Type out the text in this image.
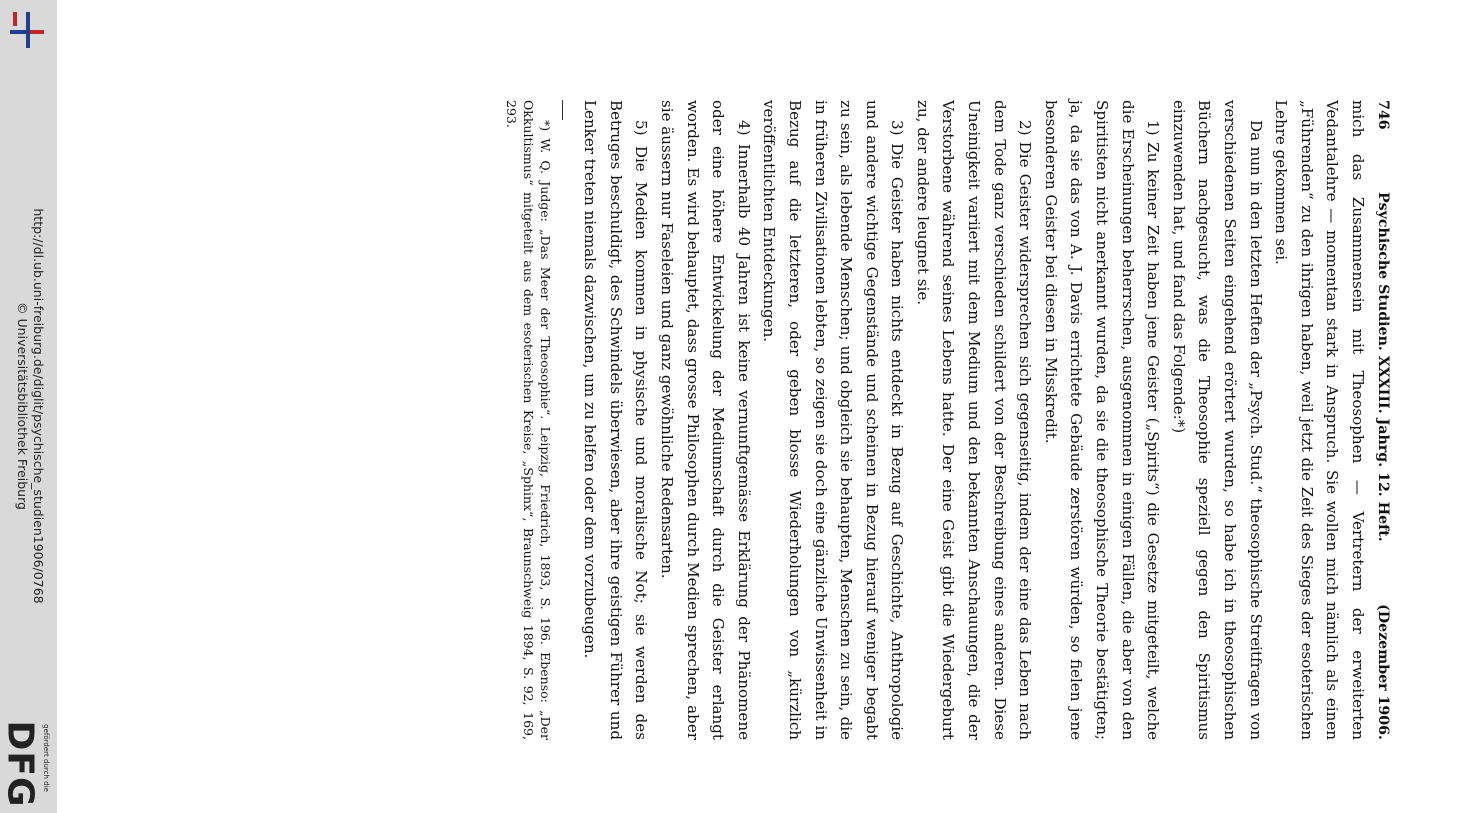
http://dl.ub.uni-freiburg.de/diglit/psychische_studien1906/0768
© Universitätsbibliothek Freiburg
DFG gefördert durch die
746
Psychische Studien. XXXIII. Jahrg. 12. Heft.
(Dezember 1906.

mich das Zusammensein mit Theosophen — Vertretern der erweiterten Vedantalehre — momentan stark in Anspruch. Sie wollen mich nämlich als einen „Führenden“ zu den ihrigen haben, weil jetzt die Zeit des Sieges der esoterischen Lehre gekommen sei.

Da nun in den letzten Heften der „Psych. Stud.“ theosophische Streitfragen von verschiedenen Seiten eingehend erörtert wurden, so habe ich in theosophischen Büchern nachgesucht, was die Theosophie speziell gegen den Spiritismus einzuwenden hat, und fand das Folgende:*)

1) Zu keiner Zeit haben jene Geister („Spirits“) die Gesetze mitgeteilt, welche die Erscheinungen beherrschen, ausgenommen in einigen Fällen, die aber von den Spiritisten nicht anerkannt wurden, da sie die theosophische Theorie bestätigten; ja, da sie das von A. J. Davis errichtete Gebäude zerstören würden, so fielen jene besonderen Geister bei diesen in Misskredit.

2) Die Geister widersprechen sich gegenseitig, indem der eine das Leben nach dem Tode ganz verschieden schildert von der Beschreibung eines anderen. Diese Uneinigkeit variiert mit dem Medium und den bekannten Anschauungen, die der Verstorbene während seines Lebens hatte. Der eine Geist gibt die Wiedergeburt zu, der andere leugnet sie.

3) Die Geister haben nichts entdeckt in Bezug auf Geschichte, Anthropologie und andere wichtige Gegenstände und scheinen in Bezug hierauf weniger begabt zu sein, als lebende Menschen; und obgleich sie behaupten, Menschen zu sein, die in früheren Zivilisationen lebten, so zeigen sie doch eine gänzliche Unwissenheit in Bezug auf die letzteren, oder geben blosse Wiederholungen von „kürzlich veröffentlichten Entdeckungen.

4) Innerhalb 40 Jahren ist keine vernunftgemässe Erklärung der Phänomene oder eine höhere Entwickelung der Mediumschaft durch die Geister erlangt worden. Es wird behauptet, dass grosse Philosophen durch Medien sprechen, aber sie äussern nur Faseleien und ganz gewöhnliche Redensarten.

5) Die Medien kommen in physische und moralische Not; sie werden des Betruges beschuldigt, des Schwindels überwiesen, aber ihre geistigen Führer und Lenker treten niemals dazwischen, um zu helfen oder dem vorzubeugen.

*) W. Q. Judge: „Das Meer der Theosophie“. Leipzig, Friedrich, 1893, S. 196. Ebenso: „Der Okkultismus“ mitgeteilt aus dem esoterischen Kreise, „Sphinx“, Braunschweig 1894, S. 92, 169, 293.
